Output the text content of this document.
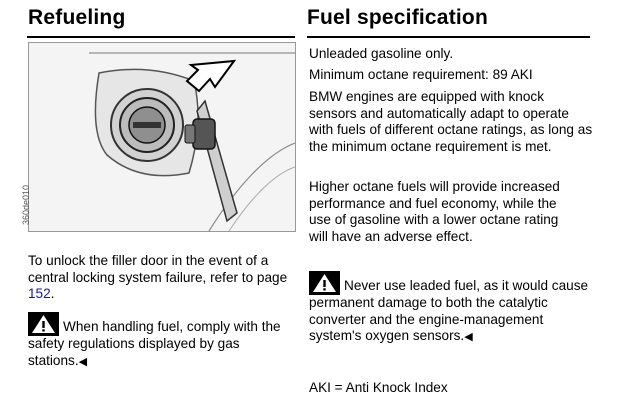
Refueling	Fuel specification
360de010

To unlock the filler door in the event of a central locking system failure, refer to page 152.

When handling fuel, comply with the safety regulations displayed by gas stations.◀

Unleaded gasoline only.

Minimum octane requirement: 89 AKI

BMW engines are equipped with knock sensors and automatically adapt to operate with fuels of different octane ratings, as long as the minimum octane requirement is met.

Higher octane fuels will provide increased performance and fuel economy, while the use of gasoline with a lower octane rating will have an adverse effect.

Never use leaded fuel, as it would cause permanent damage to both the catalytic converter and the engine-management system's oxygen sensors.◀

AKI = Anti Knock Index
